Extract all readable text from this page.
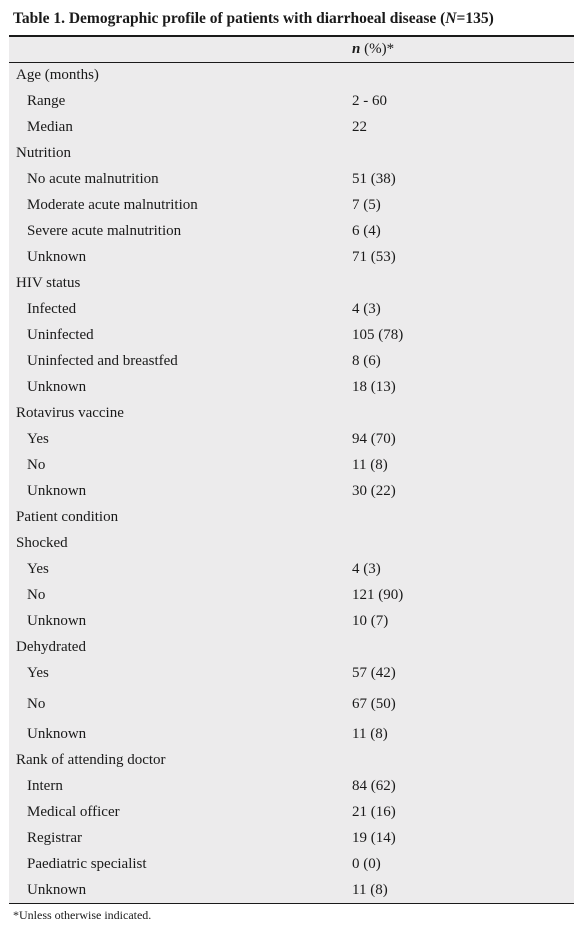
Table 1. Demographic profile of patients with diarrhoeal disease (N=135)
n (%)*
Age (months)
Range	2 - 60
Median	22
Nutrition
No acute malnutrition	51 (38)
Moderate acute malnutrition	7 (5)
Severe acute malnutrition	6 (4)
Unknown	71 (53)
HIV status
Infected	4 (3)
Uninfected	105 (78)
Uninfected and breastfed	8 (6)
Unknown	18 (13)
Rotavirus vaccine
Yes	94 (70)
No	11 (8)
Unknown	30 (22)
Patient condition
Shocked
Yes	4 (3)
No	121 (90)
Unknown	10 (7)
Dehydrated
Yes	57 (42)
No	67 (50)
Unknown	11 (8)
Rank of attending doctor
Intern	84 (62)
Medical officer	21 (16)
Registrar	19 (14)
Paediatric specialist	0 (0)
Unknown	11 (8)
*Unless otherwise indicated.
